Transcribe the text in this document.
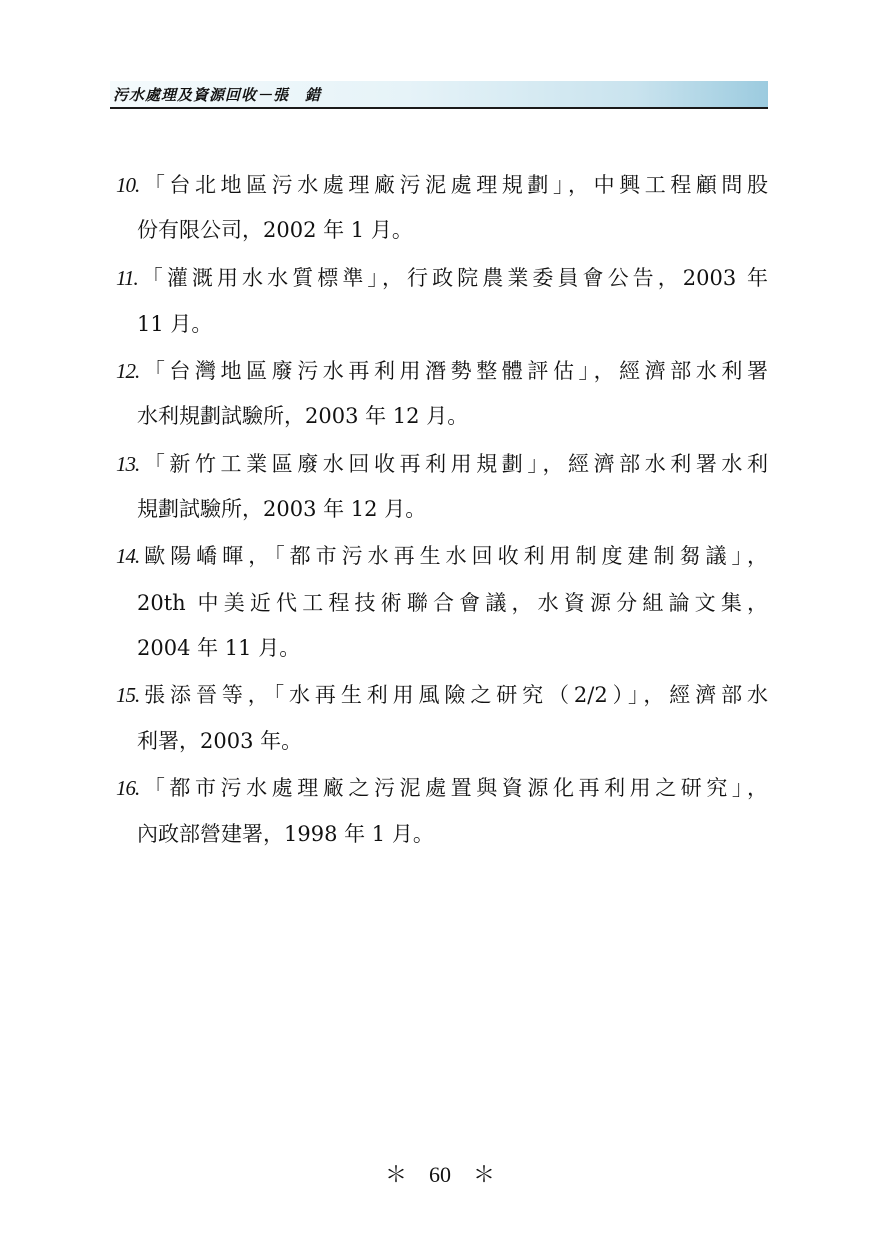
污水處理及資源回收－張　錯
10.「台北地區污水處理廠污泥處理規劃」，中興工程顧問股
份有限公司，2002 年 1 月。
11.「灌溉用水水質標準」，行政院農業委員會公告，2003 年
11 月。
12.「台灣地區廢污水再利用潛勢整體評估」，經濟部水利署
水利規劃試驗所，2003 年 12 月。
13.「新竹工業區廢水回收再利用規劃」，經濟部水利署水利
規劃試驗所，2003 年 12 月。
14.歐陽嶠暉，「都市污水再生水回收利用制度建制芻議」，
20th 中美近代工程技術聯合會議，水資源分組論文集，
2004 年 11 月。
15.張添晉等，「水再生利用風險之研究（2/2）」，經濟部水
利署，2003 年。
16.「都市污水處理廠之污泥處置與資源化再利用之研究」，
內政部營建署，1998 年 1 月。
＊　60　＊
